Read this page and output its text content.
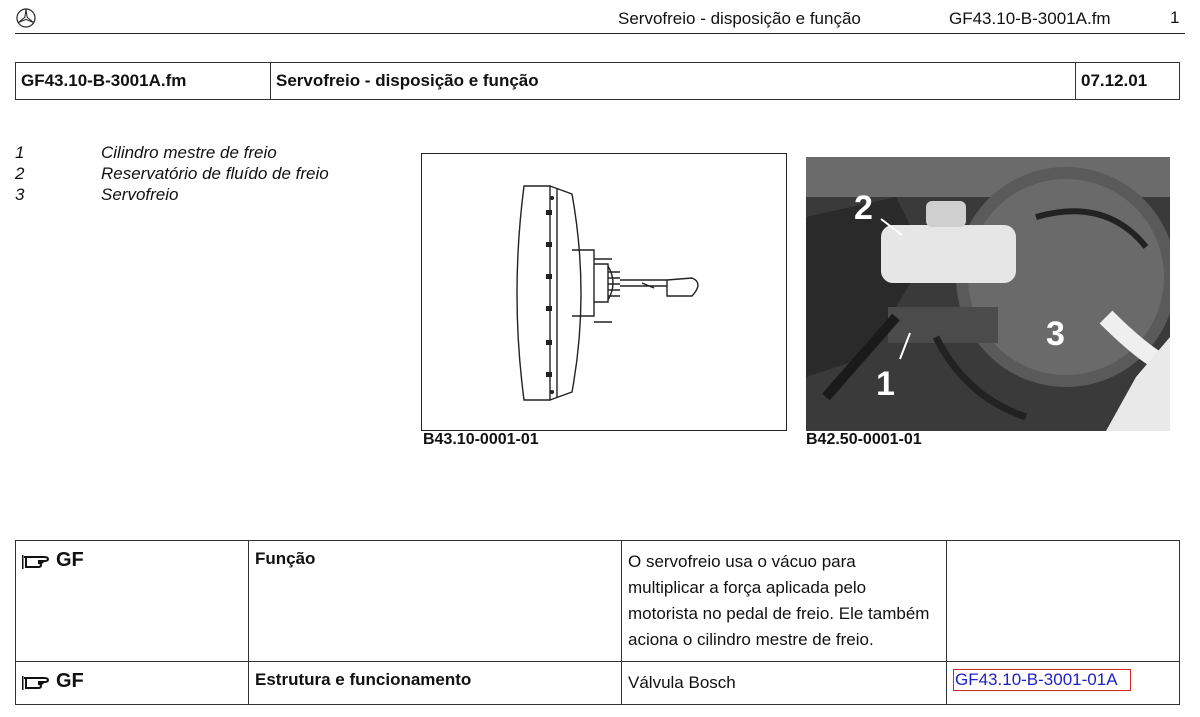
Servofreio - disposição e função	GF43.10-B-3001A.fm	1
GF43.10-B-3001A.fm	Servofreio - disposição e função	07.12.01
1	Cilindro mestre de freio
2	Reservatório de fluído de freio
3	Servofreio
B43.10-0001-01
2
3
1
B42.50-0001-01
GF	Função	O servofreio usa o vácuo para
multiplicar a força aplicada pelo
motorista no pedal de freio. Ele também
aciona o cilindro mestre de freio.	

GF	Estrutura e funcionamento	Válvula Bosch	GF43.10-B-3001-01A
